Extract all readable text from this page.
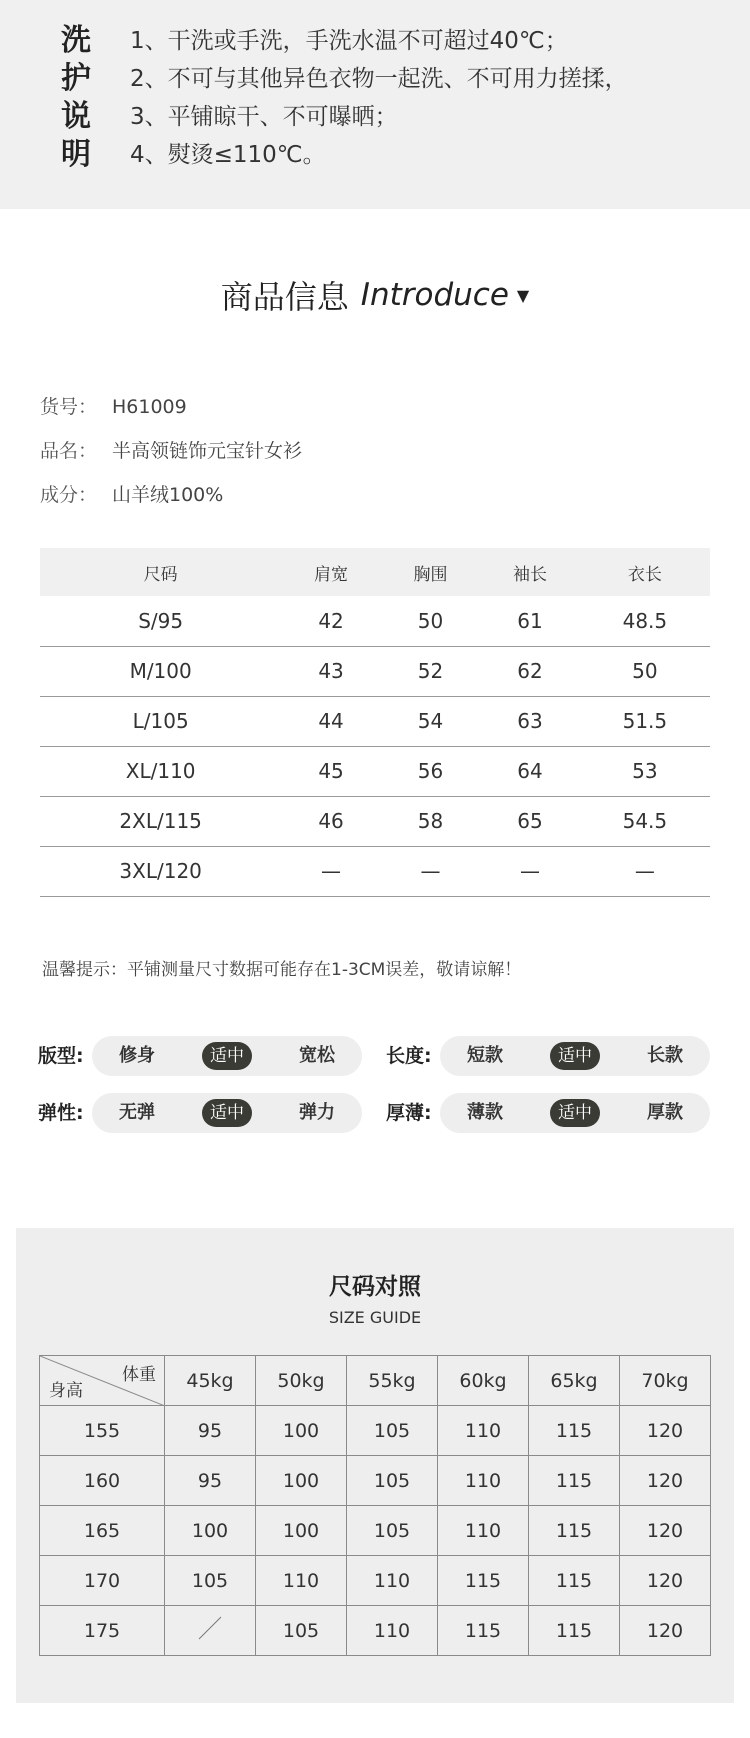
洗
护
说
明
1、干洗或手洗，手洗水温不可超过40℃；
2、不可与其他异色衣物一起洗、不可用力搓揉，
3、平铺晾干、不可曝晒；
4、熨烫≤110℃。
商品信息 Introduce ▼
货号： H61009
品名： 半高领链饰元宝针女衫
成分： 山羊绒100%
尺码	肩宽	胸围	袖长	衣长
S/95	42	50	61	48.5
M/100	43	52	62	50
L/105	44	54	63	51.5
XL/110	45	56	64	53
2XL/115	46	58	65	54.5
3XL/120	—	—	—	—
温馨提示：平铺测量尺寸数据可能存在1-3CM误差，敬请谅解！
版型:	修身	适中	宽松	长度:	短款	适中	长款
弹性:	无弹	适中	弹力	厚薄:	薄款	适中	厚款
尺码对照
SIZE GUIDE
体重
身高	45kg	50kg	55kg	60kg	65kg	70kg
155	95	100	105	110	115	120
160	95	100	105	110	115	120
165	100	100	105	110	115	120
170	105	110	110	115	115	120
175		105	110	115	115	120
